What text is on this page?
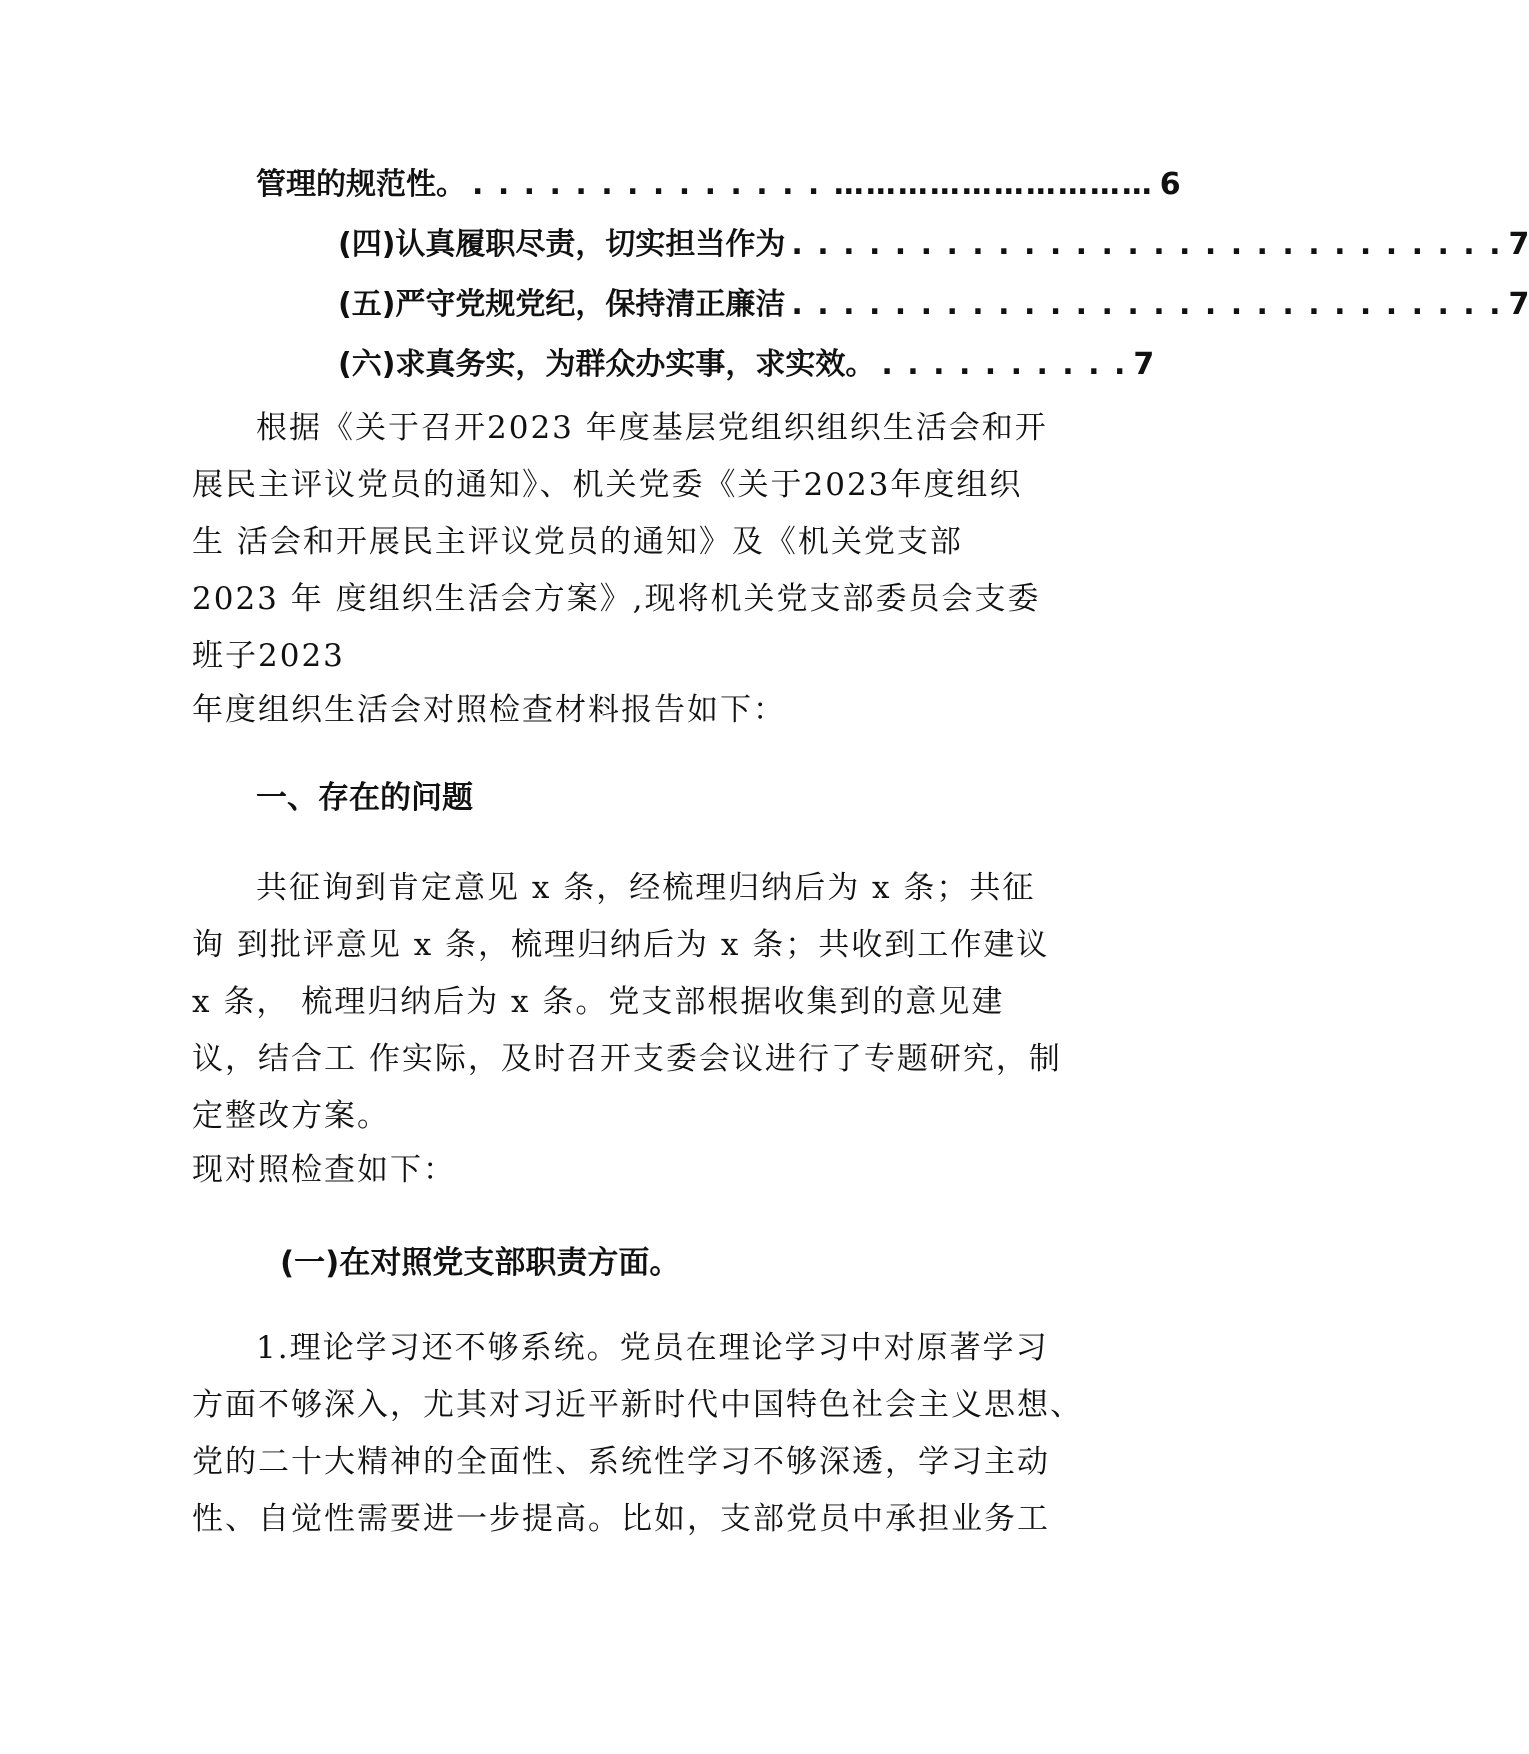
管理的规范性。 . . . . . . . . . . . . . . ………………………… 6
(四)认真履职尽责，切实担当作为 . . . . . . . . . . . . . . . . . . . . . . . . . . . . 7
(五)严守党规党纪，保持清正廉洁 . . . . . . . . . . . . . . . . . . . . . . . . . . . . 7
(六)求真务实，为群众办实事，求实效。 . . . . . . . . . . 7

根据《关于召开2023 年度基层党组织组织生活会和开
展民主评议党员的通知》、机关党委《关于2023年度组织
生 活会和开展民主评议党员的通知》及《机关党支部
2023 年 度组织生活会方案》,现将机关党支部委员会支委
班子2023
年度组织生活会对照检查材料报告如下：

一、存在的问题

共征询到肯定意见 x 条，经梳理归纳后为 x 条；共征
询 到批评意见 x 条，梳理归纳后为 x 条；共收到工作建议
x 条， 梳理归纳后为 x 条。党支部根据收集到的意见建
议，结合工 作实际，及时召开支委会议进行了专题研究，制
定整改方案。
现对照检查如下：

(一)在对照党支部职责方面。

1.理论学习还不够系统。党员在理论学习中对原著学习
方面不够深入，尤其对习近平新时代中国特色社会主义思想、
党的二十大精神的全面性、系统性学习不够深透，学习主动
性、自觉性需要进一步提高。比如，支部党员中承担业务工
